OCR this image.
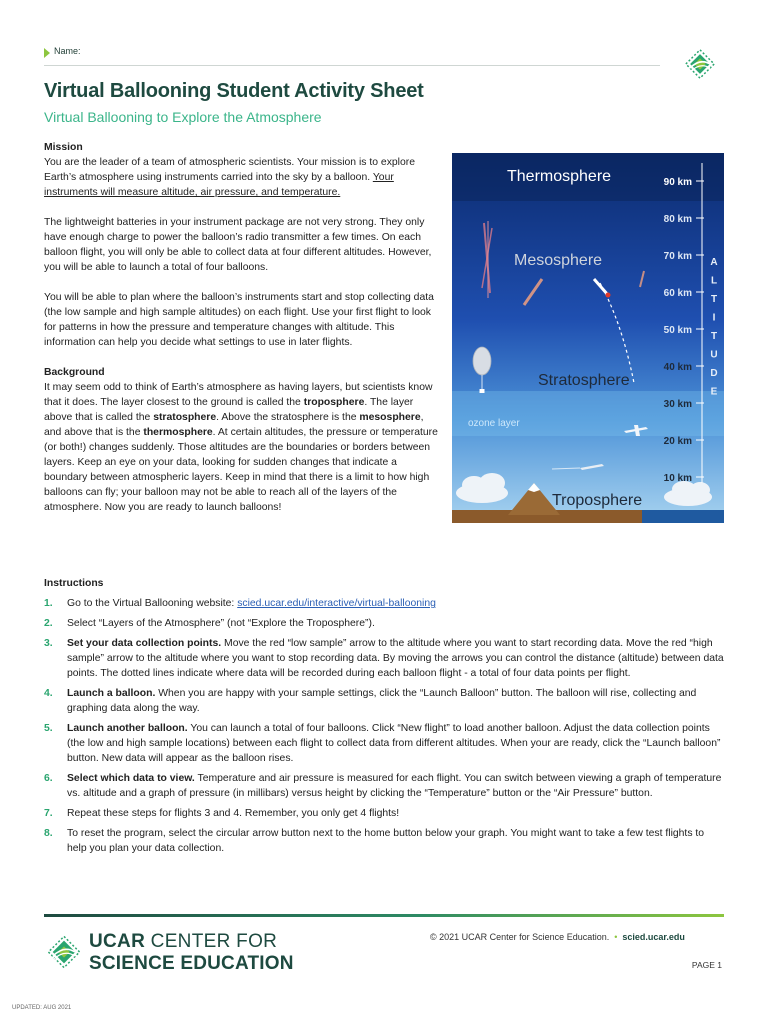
Name:
Virtual Ballooning Student Activity Sheet
Virtual Ballooning to Explore the Atmosphere
Mission

You are the leader of a team of atmospheric scientists. Your mission is to explore Earth’s atmosphere using instruments carried into the sky by a balloon. Your instruments will measure altitude, air pressure, and temperature.

The lightweight batteries in your instrument package are not very strong. They only have enough charge to power the balloon’s radio transmitter a few times. On each balloon flight, you will only be able to collect data at four different altitudes. However, you will be able to launch a total of four balloons.

You will be able to plan where the balloon’s instruments start and stop collecting data (the low sample and high sample altitudes) on each flight. Use your first flight to look for patterns in how the pressure and temperature changes with altitude. This information can help you decide what settings to use in later flights.

Background

It may seem odd to think of Earth’s atmosphere as having layers, but scientists know that it does. The layer closest to the ground is called the troposphere. The layer above that is called the stratosphere. Above the stratosphere is the mesosphere, and above that is the thermosphere. At certain altitudes, the pressure or temperature (or both!) changes suddenly. Those altitudes are the boundaries or borders between layers. Keep an eye on your data, looking for sudden changes that indicate a boundary between atmospheric layers. Keep in mind that there is a limit to how high balloons can fly; your balloon may not be able to reach all of the layers of the atmosphere. Now you are ready to launch balloons!

Thermosphere
Mesosphere
Stratosphere
Troposphere
ozone layer
90 km
80 km
70 km
60 km
50 km
40 km
30 km
20 km
10 km
A
L
T
I
T
U
D
E
Instructions
1. Go to the Virtual Ballooning website: scied.ucar.edu/interactive/virtual-ballooning
2. Select “Layers of the Atmosphere” (not “Explore the Troposphere”).
3. Set your data collection points. Move the red “low sample” arrow to the altitude where you want to start recording data. Move the red “high sample” arrow to the altitude where you want to stop recording data. By moving the arrows you can control the distance (altitude) between data points. The dotted lines indicate where data will be recorded during each balloon flight - a total of four data points per flight.
4. Launch a balloon. When you are happy with your sample settings, click the “Launch Balloon” button. The balloon will rise, collecting and graphing data along the way.
5. Launch another balloon. You can launch a total of four balloons. Click “New flight” to load another balloon. Adjust the data collection points (the low and high sample locations) between each flight to collect data from different altitudes. When your are ready, click the “Launch balloon” button. New data will appear as the balloon rises.
6. Select which data to view. Temperature and air pressure is measured for each flight. You can switch between viewing a graph of temperature vs. altitude and a graph of pressure (in millibars) versus height by clicking the “Temperature” button or the “Air Pressure” button.
7. Repeat these steps for flights 3 and 4. Remember, you only get 4 flights!
8. To reset the program, select the circular arrow button next to the home button below your graph. You might want to take a few test flights to help you plan your data collection.
UCAR CENTER FOR
SCIENCE EDUCATION
© 2021 UCAR Center for Science Education. • scied.ucar.edu
PAGE 1
UPDATED: AUG 2021
